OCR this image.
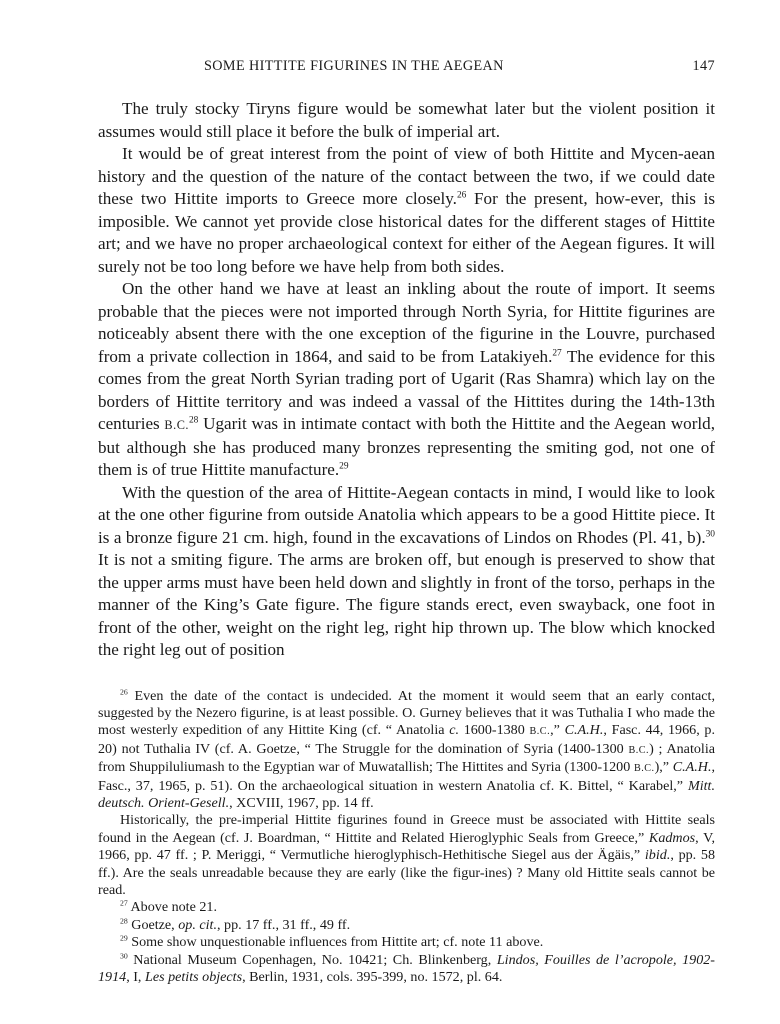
SOME HITTITE FIGURINES IN THE AEGEAN	147

The truly stocky Tiryns figure would be somewhat later but the violent position it assumes would still place it before the bulk of imperial art.

It would be of great interest from the point of view of both Hittite and Mycen-aean history and the question of the nature of the contact between the two, if we could date these two Hittite imports to Greece more closely.$^{26}$ For the present, how-ever, this is imposible. We cannot yet provide close historical dates for the different stages of Hittite art; and we have no proper archaeological context for either of the Aegean figures. It will surely not be too long before we have help from both sides.

On the other hand we have at least an inkling about the route of import. It seems probable that the pieces were not imported through North Syria, for Hittite figurines are noticeably absent there with the one exception of the figurine in the Louvre, purchased from a private collection in 1864, and said to be from Latakiyeh.$^{27}$ The evidence for this comes from the great North Syrian trading port of Ugarit (Ras Shamra) which lay on the borders of Hittite territory and was indeed a vassal of the Hittites during the 14th-13th centuries B.C.$^{28}$ Ugarit was in intimate contact with both the Hittite and the Aegean world, but although she has produced many bronzes representing the smiting god, not one of them is of true Hittite manufacture.$^{29}$

With the question of the area of Hittite-Aegean contacts in mind, I would like to look at the one other figurine from outside Anatolia which appears to be a good Hittite piece. It is a bronze figure 21 cm. high, found in the excavations of Lindos on Rhodes (Pl. 41, b).$^{30}$ It is not a smiting figure. The arms are broken off, but enough is preserved to show that the upper arms must have been held down and slightly in front of the torso, perhaps in the manner of the King’s Gate figure. The figure stands erect, even swayback, one foot in front of the other, weight on the right leg, right hip thrown up. The blow which knocked the right leg out of position

$^{26}$ Even the date of the contact is undecided. At the moment it would seem that an early contact, suggested by the Nezero figurine, is at least possible. O. Gurney believes that it was Tuthalia I who made the most westerly expedition of any Hittite King (cf. “ Anatolia c. 1600-1380 B.C.,” C.A.H., Fasc. 44, 1966, p. 20) not Tuthalia IV (cf. A. Goetze, “ The Struggle for the domination of Syria (1400-1300 B.C.) ; Anatolia from Shuppiluliumash to the Egyptian war of Muwatallish; The Hittites and Syria (1300-1200 B.C.),” C.A.H., Fasc., 37, 1965, p. 51). On the archaeological situation in western Anatolia cf. K. Bittel, “ Karabel,” Mitt. deutsch. Orient-Gesell., XCVIII, 1967, pp. 14 ff.

Historically, the pre-imperial Hittite figurines found in Greece must be associated with Hittite seals found in the Aegean (cf. J. Boardman, “ Hittite and Related Hieroglyphic Seals from Greece,” Kadmos, V, 1966, pp. 47 ff. ; P. Meriggi, “ Vermutliche hieroglyphisch-Hethitische Siegel aus der Ägäis,” ibid., pp. 58 ff.). Are the seals unreadable because they are early (like the figur-ines) ? Many old Hittite seals cannot be read.

$^{27}$ Above note 21.

$^{28}$ Goetze, op. cit., pp. 17 ff., 31 ff., 49 ff.

$^{29}$ Some show unquestionable influences from Hittite art; cf. note 11 above.

$^{30}$ National Museum Copenhagen, No. 10421; Ch. Blinkenberg, Lindos, Fouilles de l’acropole, 1902-1914, I, Les petits objects, Berlin, 1931, cols. 395-399, no. 1572, pl. 64.
